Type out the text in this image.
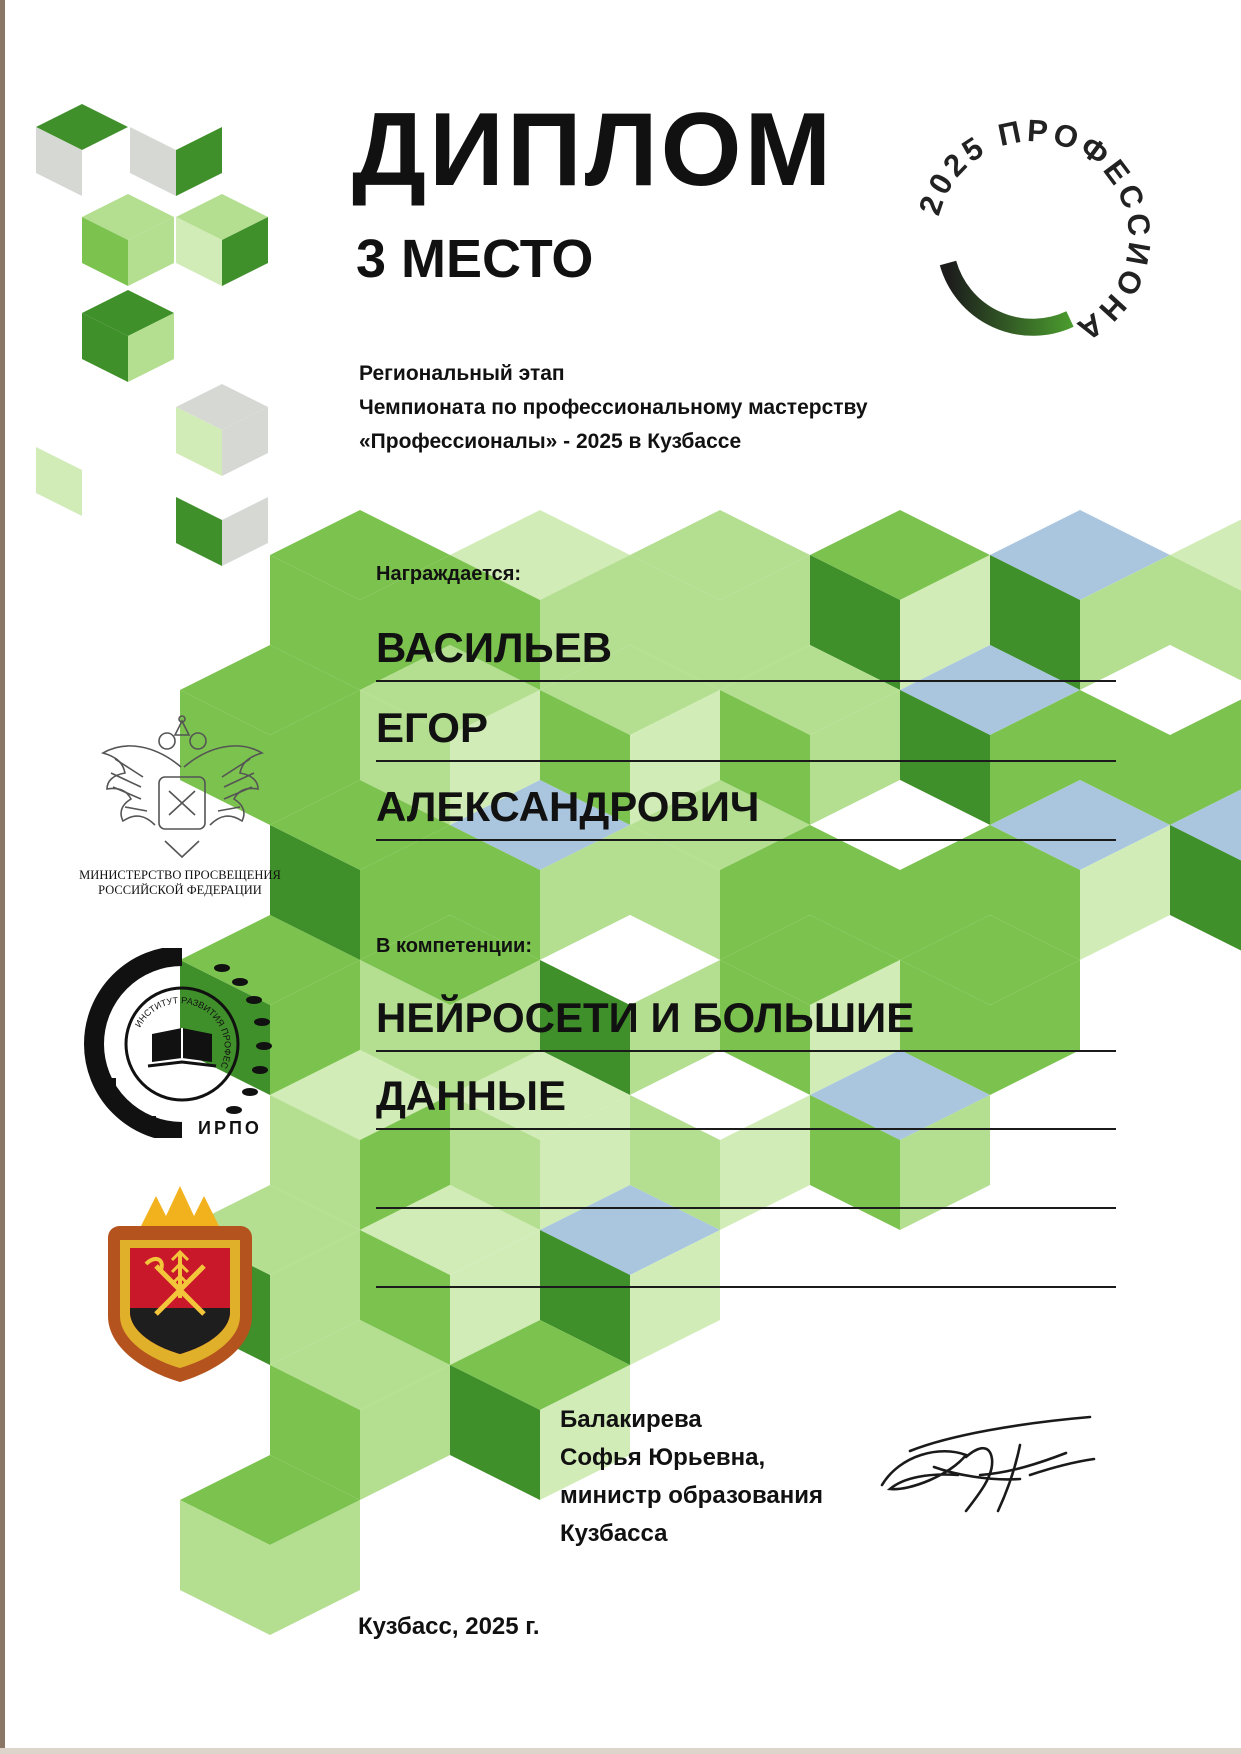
2025 ПРОФЕССИОНА
ДИПЛОМ
3 МЕСТО
Региональный этап
Чемпионата по профессиональному мастерству
«Профессионалы» - 2025 в Кузбассе
Награждается:
ВАСИЛЬЕВ
ЕГОР
АЛЕКСАНДРОВИЧ
В компетенции:
НЕЙРОСЕТИ И БОЛЬШИЕ
ДАННЫЕ
МИНИСТЕРСТВО ПРОСВЕЩЕНИЯ
РОССИЙСКОЙ ФЕДЕРАЦИИ
ИНСТИТУТ РАЗВИТИЯ ПРОФЕС
ИРПО
Балакирева
Софья Юрьевна,
министр образования
Кузбасса
Кузбасс, 2025 г.
